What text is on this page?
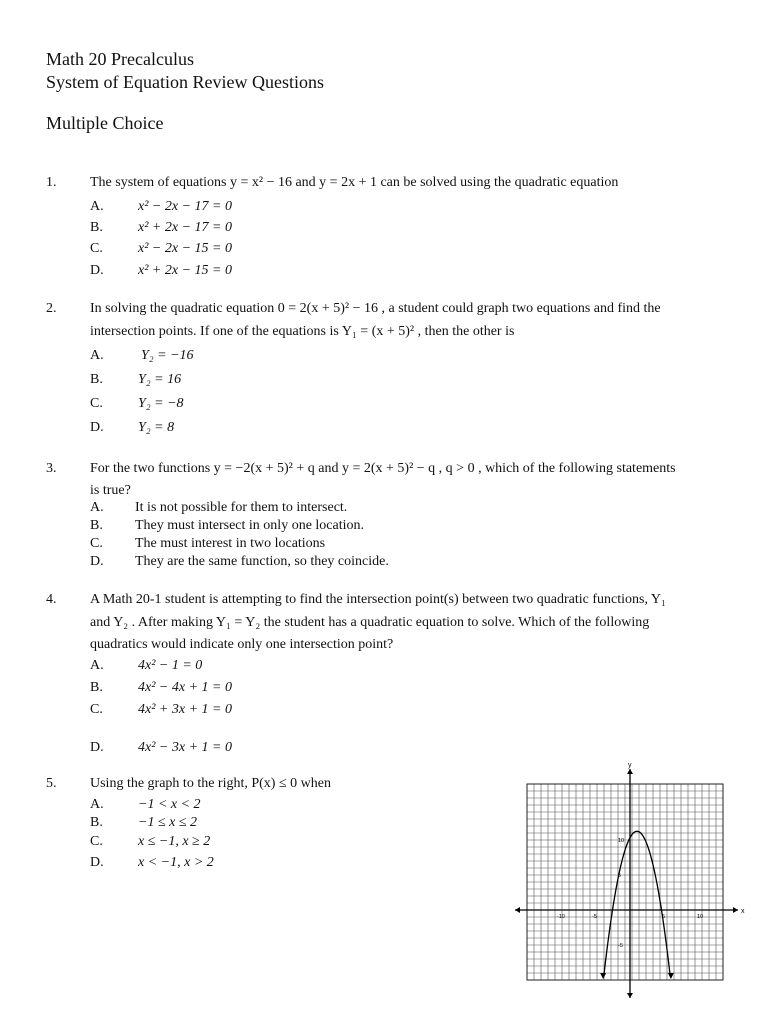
Math 20 Precalculus
System of Equation Review Questions
Multiple Choice
1. The system of equations y = x² − 16 and y = 2x + 1 can be solved using the quadratic equation
A. x² − 2x − 17 = 0
B.	x² + 2x − 17 = 0
C.	x² − 2x − 15 = 0
D. x² + 2x − 15 = 0
2. In solving the quadratic equation 0 = 2(x + 5)² − 16 , a student could graph two equations and find the
intersection points. If one of the equations is Y₁ = (x + 5)² , then the other is
A.	Y₂ = −16
B.	Y₂ = 16
C.	Y₂ = −8
D. Y₂ = 8
3. For the two functions y = −2(x + 5)² + q and y = 2(x + 5)² − q , q > 0 , which of the following statements
is true?
A. It is not possible for them to intersect.
B. They must intersect in only one location.
C. The must interest in two locations
D. They are the same function, so they coincide.
4. A Math 20-1 student is attempting to find the intersection point(s) between two quadratic functions, Y₁
and Y₂ . After making Y₁ = Y₂ the student has a quadratic equation to solve. Which of the following
quadratics would indicate only one intersection point?
A. 4x² − 1 = 0
B.	4x² − 4x + 1 = 0
C.	4x² + 3x + 1 = 0
D. 4x² − 3x + 1 = 0
5. Using the graph to the right, P(x) ≤ 0 when
A. −1 < x < 2
B.	−1 ≤ x ≤ 2
C.	x ≤ −1, x ≥ 2
D. x < −1, x > 2
x
y
-10	-5	5	10
10
5
-5
